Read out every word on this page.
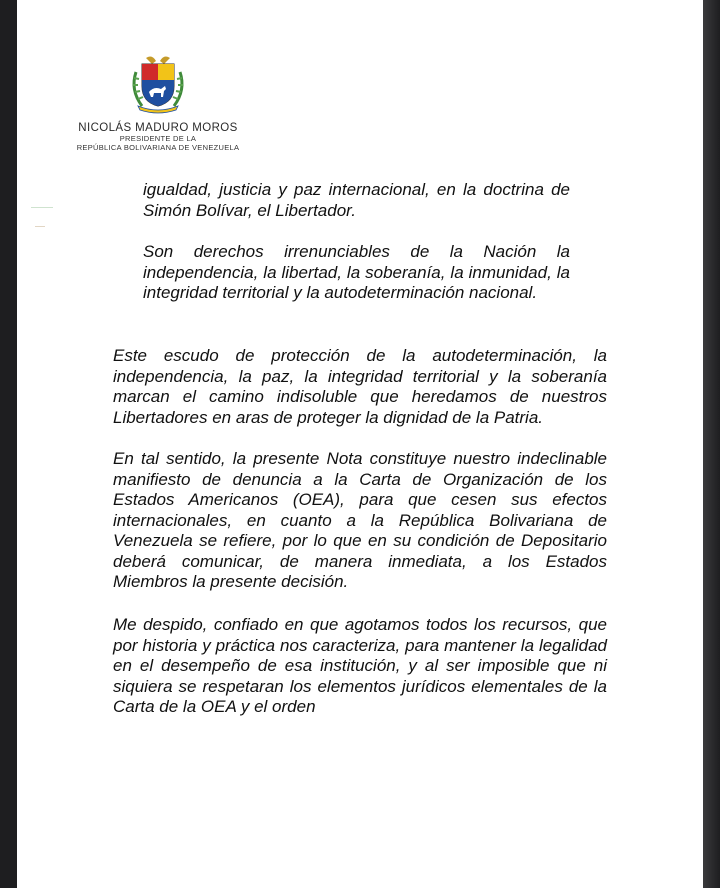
NICOLÁS MADURO MOROS
PRESIDENTE DE LA
REPÚBLICA BOLIVARIANA DE VENEZUELA

igualdad, justicia y paz internacional, en la doctrina de Simón Bolívar, el Libertador.

Son derechos irrenunciables de la Nación la independencia, la libertad, la soberanía, la inmunidad, la integridad territorial y la autodeterminación nacional.

Este escudo de protección de la autodeterminación, la independencia, la paz, la integridad territorial y la soberanía marcan el camino indisoluble que heredamos de nuestros Libertadores en aras de proteger la dignidad de la Patria.

En tal sentido, la presente Nota constituye nuestro indeclinable manifiesto de denuncia a la Carta de Organización de los Estados Americanos (OEA), para que cesen sus efectos internacionales, en cuanto a la República Bolivariana de Venezuela se refiere, por lo que en su condición de Depositario deberá comunicar, de manera inmediata, a los Estados Miembros la presente decisión.

Me despido, confiado en que agotamos todos los recursos, que por historia y práctica nos caracteriza, para mantener la legalidad en el desempeño de esa institución, y al ser imposible que ni siquiera se respetaran los elementos jurídicos elementales de la Carta de la OEA y el orden
